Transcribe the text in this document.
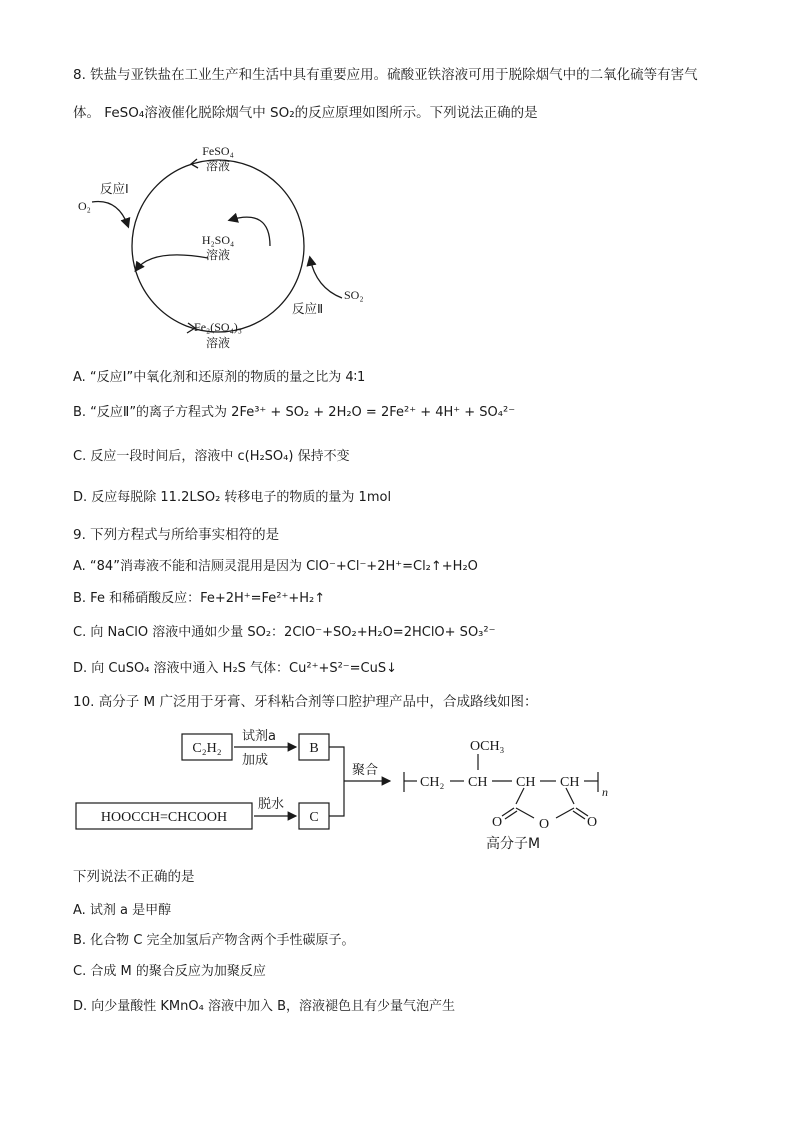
8. 铁盐与亚铁盐在工业生产和生活中具有重要应用。硫酸亚铁溶液可用于脱除烟气中的二氧化硫等有害气
体。 FeSO₄溶液催化脱除烟气中 SO₂的反应原理如图所示。下列说法正确的是
FeSO₄
溶液
反应Ⅰ
O₂
H₂SO₄
溶液
SO₂
反应Ⅱ
Fe₂(SO₄)₃
溶液
A. “反应Ⅰ”中氧化剂和还原剂的物质的量之比为 4∶1
B. “反应Ⅱ”的离子方程式为 2Fe³⁺ + SO₂ + 2H₂O = 2Fe²⁺ + 4H⁺ + SO₄²⁻
C. 反应一段时间后，溶液中 c(H₂SO₄) 保持不变
D. 反应每脱除 11.2LSO₂ 转移电子的物质的量为 1mol
9. 下列方程式与所给事实相符的是
A. “84”消毒液不能和洁厕灵混用是因为 ClO⁻+Cl⁻+2H⁺=Cl₂↑+H₂O
B. Fe 和稀硝酸反应：Fe+2H⁺=Fe²⁺+H₂↑
C. 向 NaClO 溶液中通如少量 SO₂：2ClO⁻+SO₂+H₂O=2HClO+ SO₃²⁻
D. 向 CuSO₄ 溶液中通入 H₂S 气体：Cu²⁺+S²⁻=CuS↓
10. 高分子 M 广泛用于牙膏、牙科粘合剂等口腔护理产品中，合成路线如图：
C₂H₂
试剂a
加成
B
HOOCCH=CHCOOH
脱水
C
聚合
CH₂ CH
OCH₃
CH CH
n
O	O	O
高分子M
下列说法不正确的是
A. 试剂 a 是甲醇
B. 化合物 C 完全加氢后产物含两个手性碳原子。
C. 合成 M 的聚合反应为加聚反应
D. 向少量酸性 KMnO₄ 溶液中加入 B，溶液褪色且有少量气泡产生
